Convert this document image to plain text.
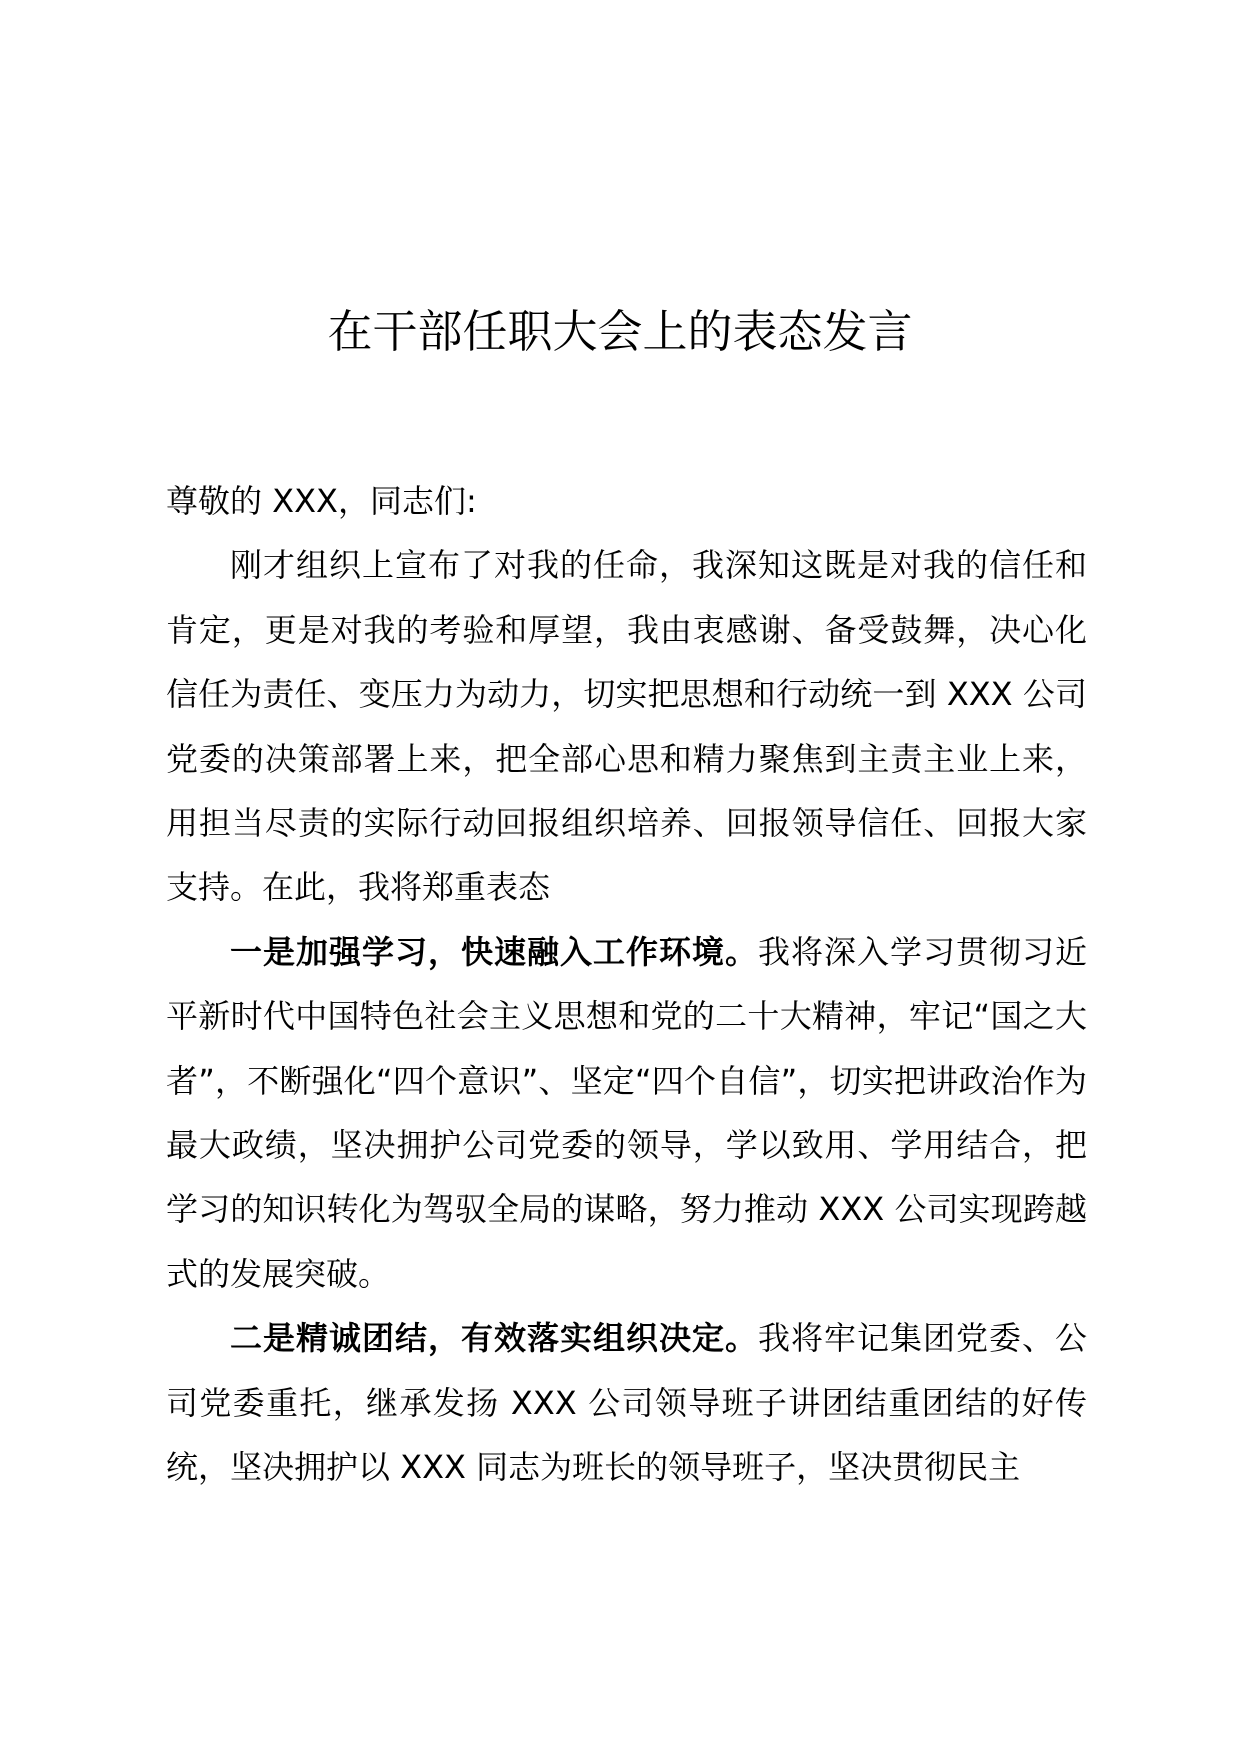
在干部任职大会上的表态发言

尊敬的 XXX，同志们:

刚才组织上宣布了对我的任命，我深知这既是对我的信任和肯定，更是对我的考验和厚望，我由衷感谢、备受鼓舞，决心化信任为责任、变压力为动力，切实把思想和行动统一到 XXX 公司党委的决策部署上来，把全部心思和精力聚焦到主责主业上来，用担当尽责的实际行动回报组织培养、回报领导信任、回报大家支持。在此，我将郑重表态

一是加强学习，快速融入工作环境。我将深入学习贯彻习近平新时代中国特色社会主义思想和党的二十大精神，牢记“国之大者”，不断强化“四个意识”、坚定“四个自信”，切实把讲政治作为最大政绩，坚决拥护公司党委的领导，学以致用、学用结合，把学习的知识转化为驾驭全局的谋略，努力推动 XXX 公司实现跨越式的发展突破。

二是精诚团结，有效落实组织决定。我将牢记集团党委、公司党委重托，继承发扬 XXX 公司领导班子讲团结重团结的好传统，坚决拥护以 XXX 同志为班长的领导班子，坚决贯彻民主
